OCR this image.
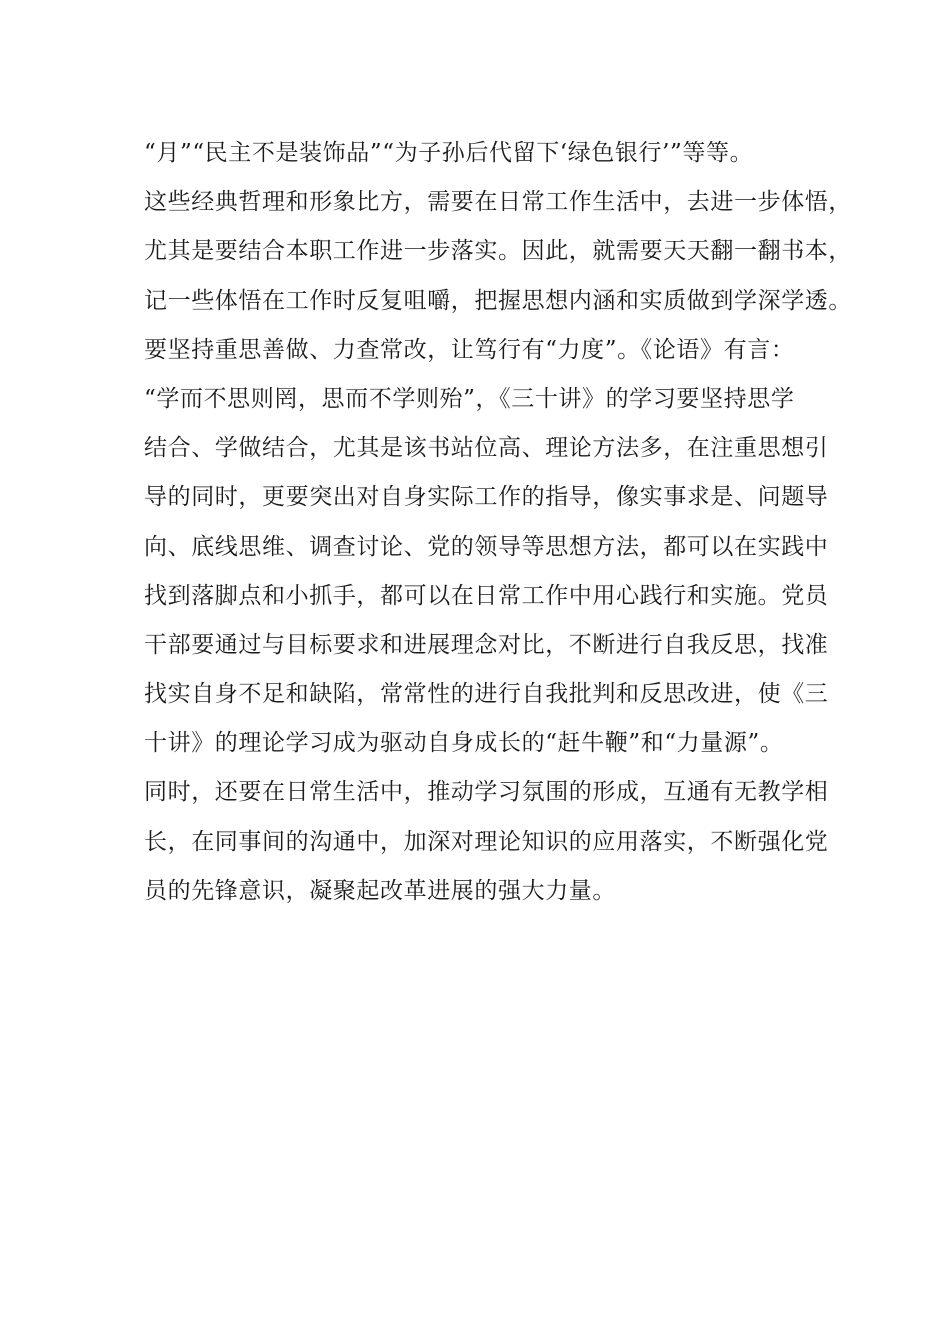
“月”“民主不是装饰品”“为子孙后代留下‘绿色银行’”等等。
这些经典哲理和形象比方，需要在日常工作生活中，去进一步体悟，
尤其是要结合本职工作进一步落实。因此，就需要天天翻一翻书本，
记一些体悟在工作时反复咀嚼，把握思想内涵和实质做到学深学透。
要坚持重思善做、力查常改，让笃行有“力度”。《论语》有言：
“学而不思则罔，思而不学则殆”，《三十讲》的学习要坚持思学
结合、学做结合，尤其是该书站位高、理论方法多，在注重思想引
导的同时，更要突出对自身实际工作的指导，像实事求是、问题导
向、底线思维、调查讨论、党的领导等思想方法，都可以在实践中
找到落脚点和小抓手，都可以在日常工作中用心践行和实施。党员
干部要通过与目标要求和进展理念对比，不断进行自我反思，找准
找实自身不足和缺陷，常常性的进行自我批判和反思改进，使《三
十讲》的理论学习成为驱动自身成长的“赶牛鞭”和“力量源”。
同时，还要在日常生活中，推动学习氛围的形成，互通有无教学相
长，在同事间的沟通中，加深对理论知识的应用落实，不断强化党
员的先锋意识，凝聚起改革进展的强大力量。
